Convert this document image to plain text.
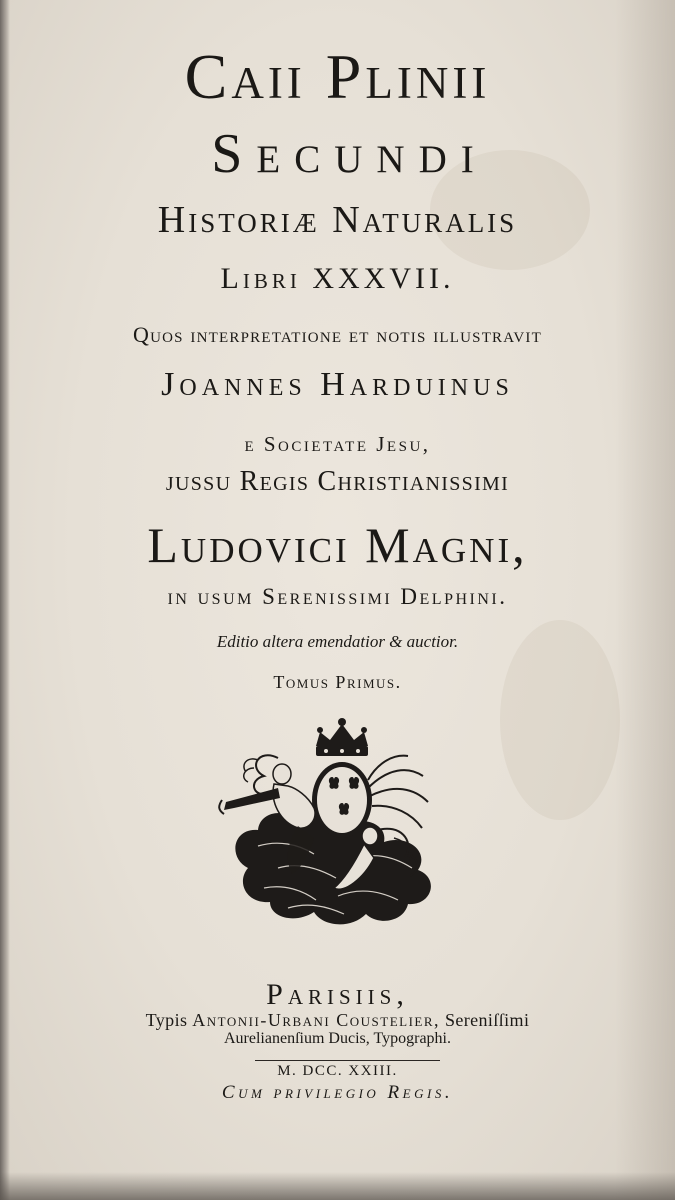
Caii Plinii
Secundi
Historiæ Naturalis
Libri XXXVII.
Quos interpretatione et notis illustravit
Joannes Harduinus
e Societate Jesu,
jussu Regis Christianissimi
Ludovici Magni,
in usum Serenissimi Delphini.
Editio altera emendatior & auctior.
Tomus Primus.
Parisiis,
Typis Antonii-Urbani Coustelier, Sereniſſimi
Aurelianenſium Ducis, Typographi.
M. DCC. XXIII.
Cum privilegio Regis.
